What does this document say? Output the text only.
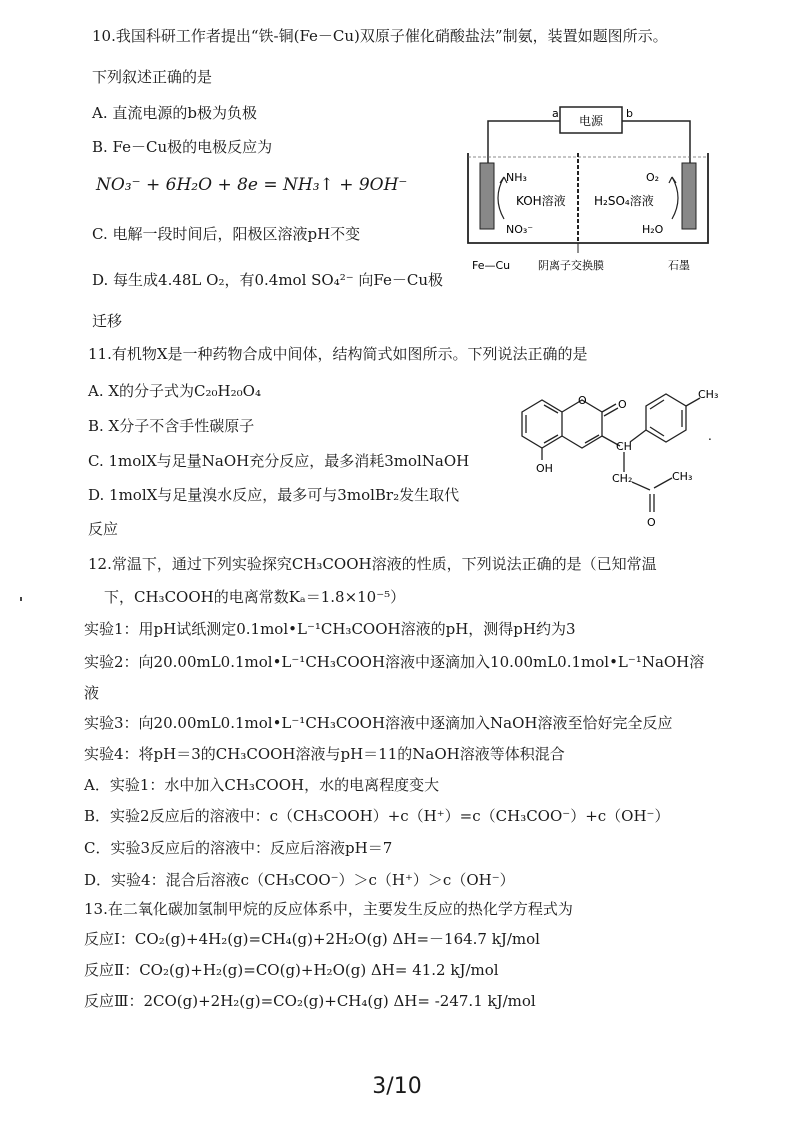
10.我国科研工作者提出“铁-铜(Fe－Cu)双原子催化硝酸盐法”制氨，装置如题图所示。
下列叙述正确的是
A. 直流电源的b极为负极
B. Fe－Cu极的电极反应为
NO₃⁻ + 6H₂O + 8e = NH₃↑ + 9OH⁻
C. 电解一段时间后，阳极区溶液pH不变
D. 每生成4.48L O₂，有0.4mol SO₄²⁻ 向Fe－Cu极
迁移
电源
a	b
NH₃
KOH溶液
NO₃⁻
O₂
H₂SO₄溶液
H₂O
Fe—Cu	阴离子交换膜	石墨
11.有机物X是一种药物合成中间体，结构简式如图所示。下列说法正确的是
A. X的分子式为C₂₀H₂₀O₄
B. X分子不含手性碳原子
C. 1molX与足量NaOH充分反应，最多消耗3molNaOH
D. 1molX与足量溴水反应，最多可与3molBr₂发生取代
反应
O	O
OH
CH
CH₃
CH₂	CH₃
O
.
12.常温下，通过下列实验探究CH₃COOH溶液的性质，下列说法正确的是（已知常温
下，CH₃COOH的电离常数Kₐ＝1.8×10⁻⁵）
实验1：用pH试纸测定0.1mol•L⁻¹CH₃COOH溶液的pH，测得pH约为3
实验2：向20.00mL0.1mol•L⁻¹CH₃COOH溶液中逐滴加入10.00mL0.1mol•L⁻¹NaOH溶
液
实验3：向20.00mL0.1mol•L⁻¹CH₃COOH溶液中逐滴加入NaOH溶液至恰好完全反应
实验4：将pH＝3的CH₃COOH溶液与pH＝11的NaOH溶液等体积混合
A．实验1：水中加入CH₃COOH，水的电离程度变大
B．实验2反应后的溶液中：c（CH₃COOH）+c（H⁺）=c（CH₃COO⁻）+c（OH⁻）
C．实验3反应后的溶液中：反应后溶液pH＝7
D．实验4：混合后溶液c（CH₃COO⁻）＞c（H⁺）＞c（OH⁻）
13.在二氧化碳加氢制甲烷的反应体系中，主要发生反应的热化学方程式为
反应Ⅰ：CO₂(g)+4H₂(g)=CH₄(g)+2H₂O(g) ΔH=－164.7 kJ/mol
反应Ⅱ：CO₂(g)+H₂(g)=CO(g)+H₂O(g) ΔH= 41.2 kJ/mol
反应Ⅲ：2CO(g)+2H₂(g)=CO₂(g)+CH₄(g) ΔH= -247.1 kJ/mol
3/10
